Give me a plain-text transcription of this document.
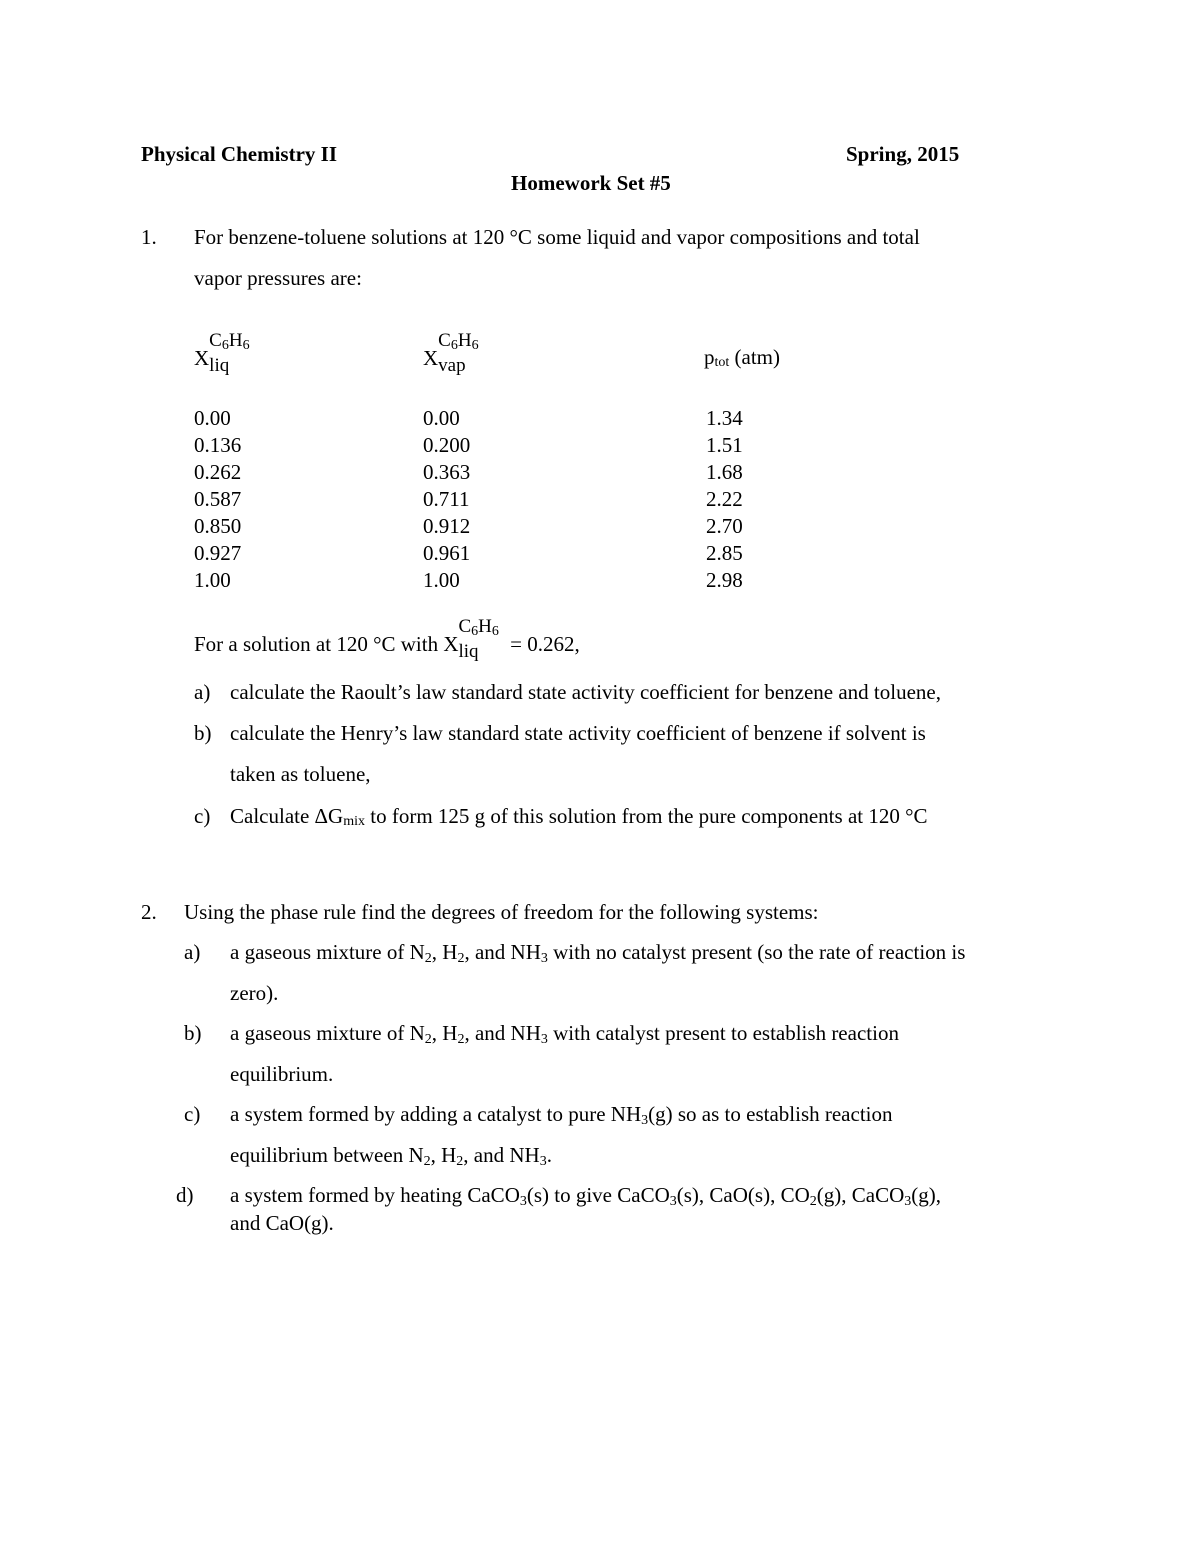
Physical Chemistry II	Spring, 2015
Homework Set #5
1. For benzene-toluene solutions at 120 °C some liquid and vapor compositions and total
vapor pressures are:
X
$C_6H_6$
liq	X
$C_6H_6$
vap	ptot (atm)
0.00	0.00	1.34
0.136	0.200	1.51
0.262	0.363	1.68
0.587	0.711	2.22
0.850	0.912	2.70
0.927	0.961	2.85
1.00	1.00	2.98
For a solution at 120 °C with X
$C_6H_6$
liq	= 0.262,
a) calculate the Raoult’s law standard state activity coefficient for benzene and toluene,
b) calculate the Henry’s law standard state activity coefficient of benzene if solvent is
taken as toluene,
c) Calculate ΔGmix to form 125 g of this solution from the pure components at 120 °C
2. Using the phase rule find the degrees of freedom for the following systems:
a) a gaseous mixture of $N_2$, $H_2$, and $NH_3$ with no catalyst present (so the rate of reaction is
zero).
b) a gaseous mixture of $N_2$, $H_2$, and $NH_3$ with catalyst present to establish reaction
equilibrium.
c) a system formed by adding a catalyst to pure $NH_3(g)$ so as to establish reaction
equilibrium between $N_2$, $H_2$, and $NH_3$.
d) a system formed by heating CaCO$_3$(s) to give CaCO$_3$(s), CaO(s), $CO_2(g)$, CaCO$_3$(g),
and CaO(g).
